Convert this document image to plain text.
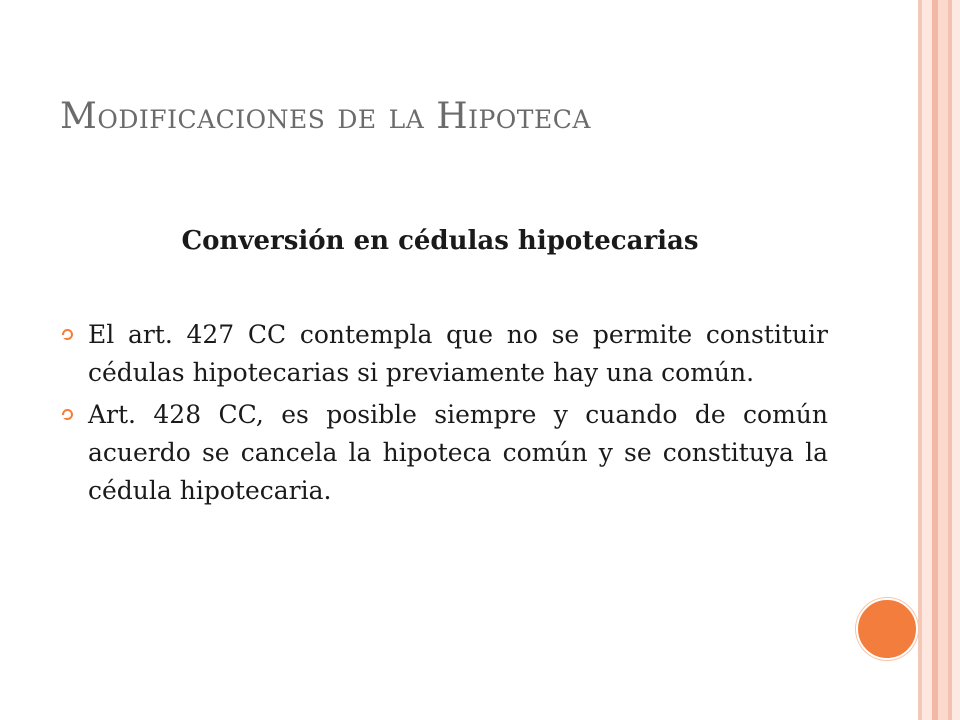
Modificaciones de la Hipoteca
Conversión en cédulas hipotecarias
El art. 427 CC contempla que no se permite constituir cédulas hipotecarias si previamente hay una común.
Art. 428 CC, es posible siempre y cuando de común acuerdo se cancela la hipoteca común y se constituya la cédula hipotecaria.
